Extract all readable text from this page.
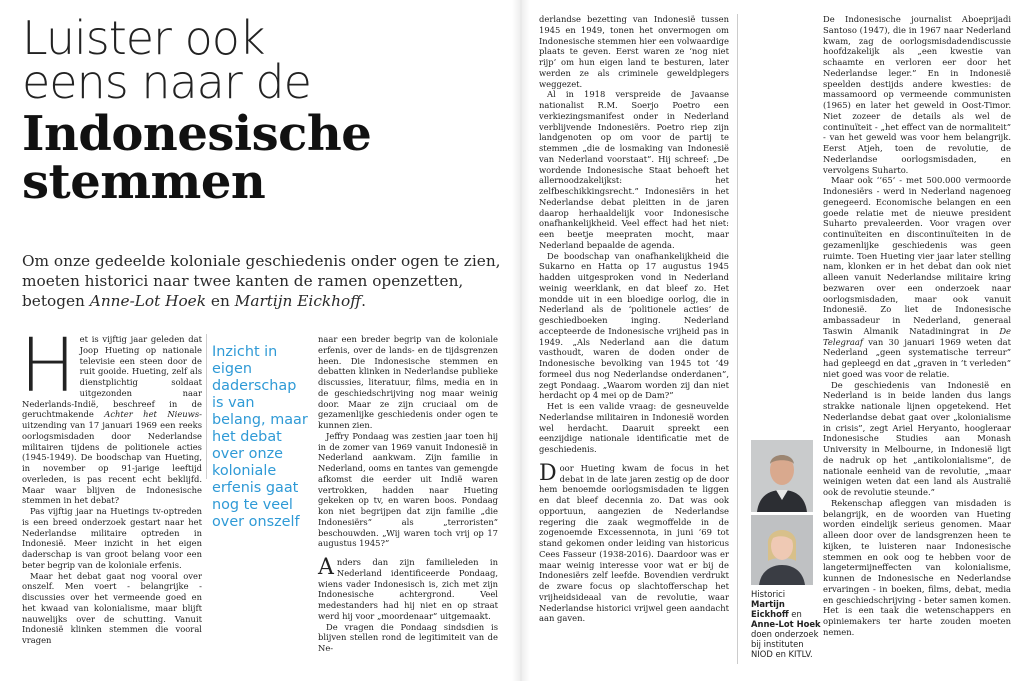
Luister ook
eens naar de
Indonesische
stemmen
Om onze gedeelde koloniale geschiedenis onder ogen te zien, moeten historici naar twee kanten de ramen openzetten, betogen Anne-Lot Hoek en Martijn Eickhoff.

H et is vijftig jaar geleden dat Joop Hueting op nationale televisie een steen door de ruit gooide. Hueting, zelf als dienstplichtig soldaat uitgezonden naar Nederlands-Indië, beschreef in de geruchtmakende Achter het Nieuws-uitzending van 17 januari 1969 een reeks oorlogsmisdaden door Nederlandse militairen tijdens de politionele acties (1945-1949). De boodschap van Hueting, in november op 91-jarige leeftijd overleden, is pas recent echt beklijfd. Maar waar blijven de Indonesische stemmen in het debat?

Pas vijftig jaar na Huetings tv-optreden is een breed onderzoek gestart naar het Nederlandse militaire optreden in Indonesië. Meer inzicht in het eigen daderschap is van groot belang voor een beter begrip van de koloniale erfenis.

Maar het debat gaat nog vooral over onszelf. Men voert - belangrijke - discussies over het vermeende goed en het kwaad van kolonialisme, maar blijft nauwelijks over de schutting. Vanuit Indonesië klinken stemmen die vooral vragen

Inzicht in eigen daderschap is van belang, maar het debat over onze koloniale erfenis gaat nog te veel over onszelf

naar een breder begrip van de koloniale erfenis, over de lands- en de tijdsgrenzen heen. Die Indonesische stemmen en debatten klinken in Nederlandse publieke discussies, literatuur, films, media en in de geschiedschrijving nog maar weinig door. Maar ze zijn cruciaal om de gezamenlijke geschiedenis onder ogen te kunnen zien.

Jeffry Pondaag was zestien jaar toen hij in de zomer van 1969 vanuit Indonesië in Nederland aankwam. Zijn familie in Nederland, ooms en tantes van gemengde afkomst die eerder uit Indië waren vertrokken, hadden naar Hueting gekeken op tv, en waren boos. Pondaag kon niet begrijpen dat zijn familie „die Indonesiërs” als „terroristen” beschouwden. „Wij waren toch vrij op 17 augustus 1945?”

Anders dan zijn familieleden in Nederland identificeerde Pondaag, wiens vader Indonesisch is, zich met zijn Indonesische achtergrond. Veel medestanders had hij niet en op straat werd hij voor „moordenaar” uitgemaakt.

De vragen die Pondaag sindsdien is blijven stellen rond de legitimiteit van de Ne-

derlandse bezetting van Indonesië tussen 1945 en 1949, tonen het onvermogen om Indonesische stemmen hier een volwaardige plaats te geven. Eerst waren ze ‘nog niet rijp’ om hun eigen land te besturen, later werden ze als criminele geweldplegers weggezet.

Al in 1918 verspreide de Javaanse nationalist R.M. Soerjo Poetro een verkiezingsmanifest onder in Nederland verblijvende Indonesiërs. Poetro riep zijn landgenoten op om voor de partij te stemmen „die de losmaking van Indonesië van Nederland voorstaat”. Hij schreef: „De wordende Indonesische Staat behoeft het allernoodzakelijkst: het zelfbeschikkingsrecht.” Indonesiërs in het Nederlandse debat pleitten in de jaren daarop herhaaldelijk voor Indonesische onafhankelijkheid. Veel effect had het niet: een beetje meepraten mocht, maar Nederland bepaalde de agenda.

De boodschap van onafhankelijkheid die Sukarno en Hatta op 17 augustus 1945 hadden uitgesproken vond in Nederland weinig weerklank, en dat bleef zo. Het mondde uit in een bloedige oorlog, die in Nederland als de ‘politionele acties’ de geschiedboeken inging. Nederland accepteerde de Indonesische vrijheid pas in 1949. „Als Nederland aan die datum vasthoudt, waren de doden onder de Indonesische bevolking van 1945 tot ’49 formeel dus nog Nederlandse onderdanen”, zegt Pondaag. „Waarom worden zij dan niet herdacht op 4 mei op de Dam?”

Het is een valide vraag: de gesneuvelde Nederlandse militairen in Indonesië worden wel herdacht. Daaruit spreekt een eenzijdige nationale identificatie met de geschiedenis.

Door Hueting kwam de focus in het debat in de late jaren zestig op de door hem benoemde oorlogsmisdaden te liggen en dat bleef decennia zo. Dat was ook opportuun, aangezien de Nederlandse regering die zaak wegmoffelde in de zogenoemde Excessennota, in juni ’69 tot stand gekomen onder leiding van historicus Cees Fasseur (1938-2016). Daardoor was er maar weinig interesse voor wat er bij de Indonesiërs zelf leefde. Bovendien verdrukt de zware focus op slachtofferschap het vrijheidsideaal van de revolutie, waar Nederlandse historici vrijwel geen aandacht aan gaven.

Historici Martijn Eickhoff en Anne-Lot Hoek doen onderzoek bij instituten NIOD en KITLV.

De Indonesische journalist Aboeprijadi Santoso (1947), die in 1967 naar Nederland kwam, zag de oorlogsmisdadendiscussie hoofdzakelijk als „een kwestie van schaamte en verloren eer door het Nederlandse leger.” En in Indonesië speelden destijds andere kwesties: de massamoord op vermeende communisten (1965) en later het geweld in Oost-Timor. Niet zozeer de details als wel de continuïteit - „het effect van de normaliteit” - van het geweld was voor hem belangrijk. Eerst Atjeh, toen de revolutie, de Nederlandse oorlogsmisdaden, en vervolgens Suharto.

Maar ook ‘’65’ - met 500.000 vermoorde Indonesiërs - werd in Nederland nagenoeg genegeerd. Economische belangen en een goede relatie met de nieuwe president Suharto prevaleerden. Voor vragen over continuïteiten en discontinuïteiten in de gezamenlijke geschiedenis was geen ruimte. Toen Hueting vier jaar later stelling nam, klonken er in het debat dan ook niet alleen vanuit Nederlandse militaire kring bezwaren over een onderzoek naar oorlogsmisdaden, maar ook vanuit Indonesië. Zo liet de Indonesische ambassadeur in Nederland, generaal Taswin Almanik Natadiningrat in De Telegraaf van 30 januari 1969 weten dat Nederland „geen systematische terreur” had gepleegd en dat „graven in ’t verleden” niet goed was voor de relatie.

De geschiedenis van Indonesië en Nederland is in beide landen dus langs strakke nationale lijnen opgetekend. Het Nederlandse debat gaat over „kolonialisme in crisis”, zegt Ariel Heryanto, hoogleraar Indonesische Studies aan Monash University in Melbourne, in Indonesië ligt de nadruk op het „antikolonialisme”, de nationale eenheid van de revolutie, „maar weinigen weten dat een land als Australië ook de revolutie steunde.”

Rekenschap afleggen van misdaden is belangrijk, en de woorden van Hueting worden eindelijk serieus genomen. Maar alleen door over de landsgrenzen heen te kijken, te luisteren naar Indonesische stemmen en ook oog te hebben voor de langetermijneffecten van kolonialisme, kunnen de Indonesische en Nederlandse ervaringen - in boeken, films, debat, media en geschiedschrijving - beter samen komen. Het is een taak die wetenschappers en opiniemakers ter harte zouden moeten nemen.
